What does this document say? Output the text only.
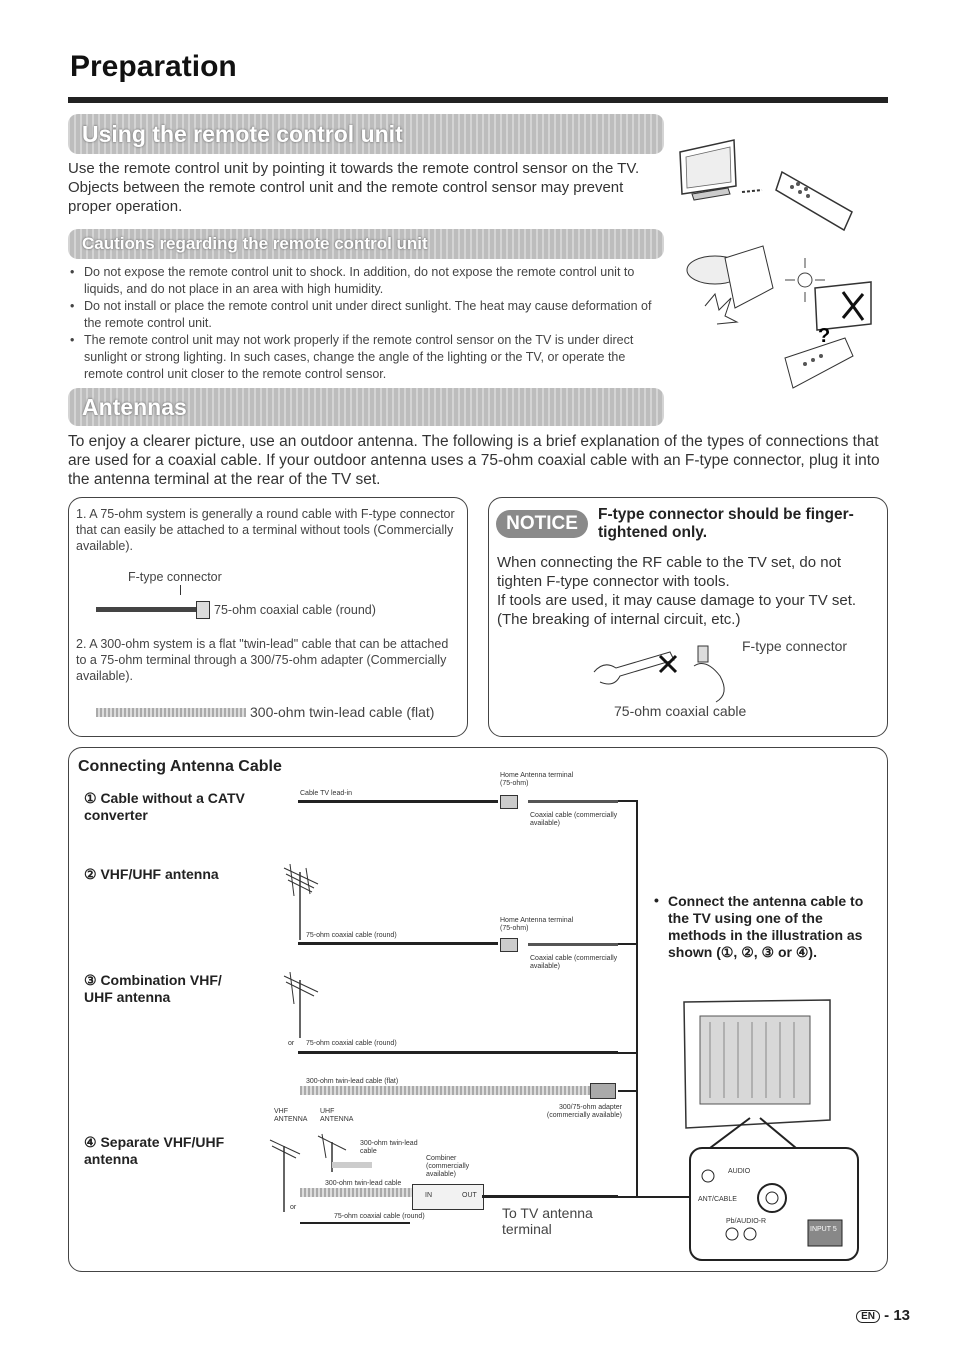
Preparation
Using the remote control unit
Use the remote control unit by pointing it towards the remote control sensor on the TV. Objects between the remote control unit and the remote control sensor may prevent proper operation.
Cautions regarding the remote control unit
• Do not expose the remote control unit to shock. In addition, do not expose the remote control unit to liquids, and do not place in an area with high humidity.
• Do not install or place the remote control unit under direct sunlight. The heat may cause deformation of the remote control unit.
• The remote control unit may not work properly if the remote control sensor on the TV is under direct sunlight or strong lighting. In such cases, change the angle of the lighting or the TV, or operate the remote control unit closer to the remote control sensor.
?
Antennas
To enjoy a clearer picture, use an outdoor antenna. The following is a brief explanation of the types of connections that are used for a coaxial cable. If your outdoor antenna uses a 75-ohm coaxial cable with an F-type connector, plug it into the antenna terminal at the rear of the TV set.
1. A 75-ohm system is generally a round cable with F-type connector that can easily be attached to a terminal without tools (Commercially available).
F-type connector
75-ohm coaxial cable (round)
2. A 300-ohm system is a flat "twin-lead" cable that can be attached to a 75-ohm terminal through a 300/75-ohm adapter (Commercially available).
300-ohm twin-lead cable (flat)
NOTICE	F-type connector should be finger-tightened only.
When connecting the RF cable to the TV set, do not tighten F-type connector with tools.
If tools are used, it may cause damage to your TV set. (The breaking of internal circuit, etc.)
F-type connector
75-ohm coaxial cable
Connecting Antenna Cable
① Cable without a CATV converter
② VHF/UHF antenna
③ Combination VHF/ UHF antenna
④ Separate VHF/UHF antenna
Cable TV lead-in
Home Antenna terminal (75-ohm)
Coaxial cable (commercially available)
75-ohm coaxial cable (round)
Home Antenna terminal (75-ohm)
Coaxial cable (commercially available)
or 75-ohm coaxial cable (round)
300-ohm twin-lead cable (flat)
300/75-ohm adapter (commercially available)
VHF ANTENNA
UHF ANTENNA
300-ohm twin-lead cable
Combiner (commercially available)
300-ohm twin-lead cable
IN	OUT
or
75-ohm coaxial cable (round)	To TV antenna terminal
Connect the antenna cable to the TV using one of the methods in the illustration as shown (①, ②, ③ or ④).
•
AUDIO
ANT/CABLE
Pb/AUDIO-R
INPUT 5
EN - 13
